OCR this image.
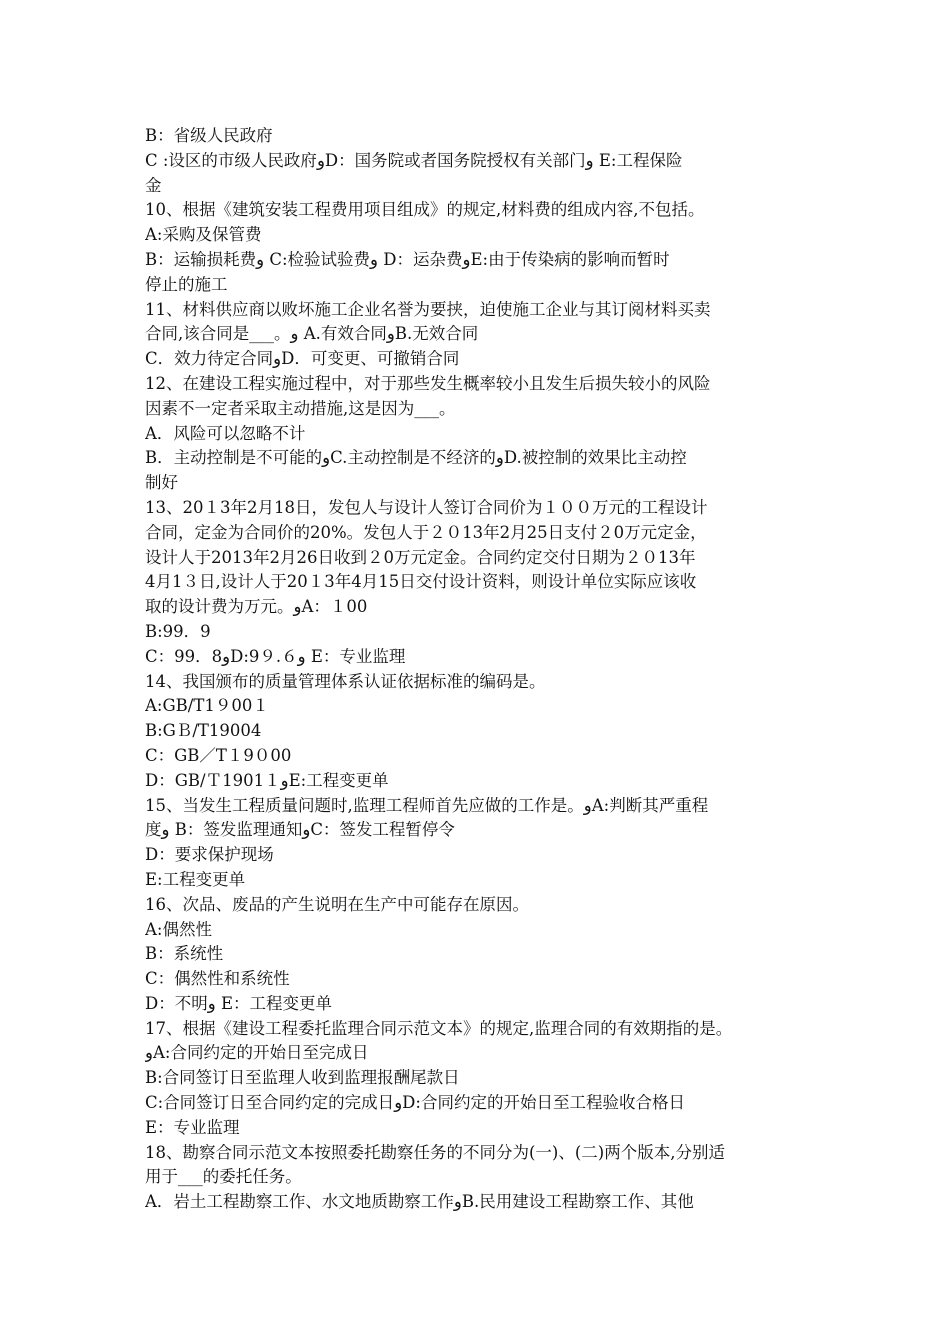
B：省级人民政府
C :设区的市级人民政府وD：国务院或者国务院授权有关部门و E:工程保险
金
10、根据《建筑安装工程费用项目组成》的规定,材料费的组成内容,不包括。
A:采购及保管费
B：运输损耗费و C:检验试验费و D：运杂费وE:由于传染病的影响而暂时
停止的施工
11、材料供应商以败坏施工企业名誉为要挟，迫使施工企业与其订阅材料买卖
合同,该合同是___。و A.有效合同وB.无效合同
C．效力待定合同وD．可变更、可撤销合同
12、在建设工程实施过程中，对于那些发生概率较小且发生后损失较小的风险
因素不一定者采取主动措施,这是因为___。
A．风险可以忽略不计
B．主动控制是不可能的وC.主动控制是不经济的وD.被控制的效果比主动控
制好
13、20１3年2月18日，发包人与设计人签订合同价为１００万元的工程设计
合同，定金为合同价的20%。发包人于２０13年2月25日支付２0万元定金，
设计人于2013年2月26日收到２0万元定金。合同约定交付日期为２０13年
4月1３日,设计人于20１3年4月15日交付设计资料，则设计单位实际应该收
取的设计费为万元。وA：１00
B:99．9
C：99．8وD:9９.６و E：专业监理
14、我国颁布的质量管理体系认证依据标准的编码是。
A:GB/T1９00１
B:GＢ/T19004
C：GB／T１9０00
D：GB/Ｔ1901１وE:工程变更单
15、当发生工程质量问题时,监理工程师首先应做的工作是。وA:判断其严重程
度و B：签发监理通知وC：签发工程暂停令
D：要求保护现场
E:工程变更单
16、次品、废品的产生说明在生产中可能存在原因。
A:偶然性
B：系统性
C：偶然性和系统性
D：不明و E：工程变更单
17、根据《建设工程委托监理合同示范文本》的规定,监理合同的有效期指的是。
وA:合同约定的开始日至完成日
B:合同签订日至监理人收到监理报酬尾款日
C:合同签订日至合同约定的完成日وD:合同约定的开始日至工程验收合格日
E：专业监理
18、勘察合同示范文本按照委托勘察任务的不同分为(一)、(二)两个版本,分别适
用于___的委托任务。
A．岩土工程勘察工作、水文地质勘察工作وB.民用建设工程勘察工作、其他
